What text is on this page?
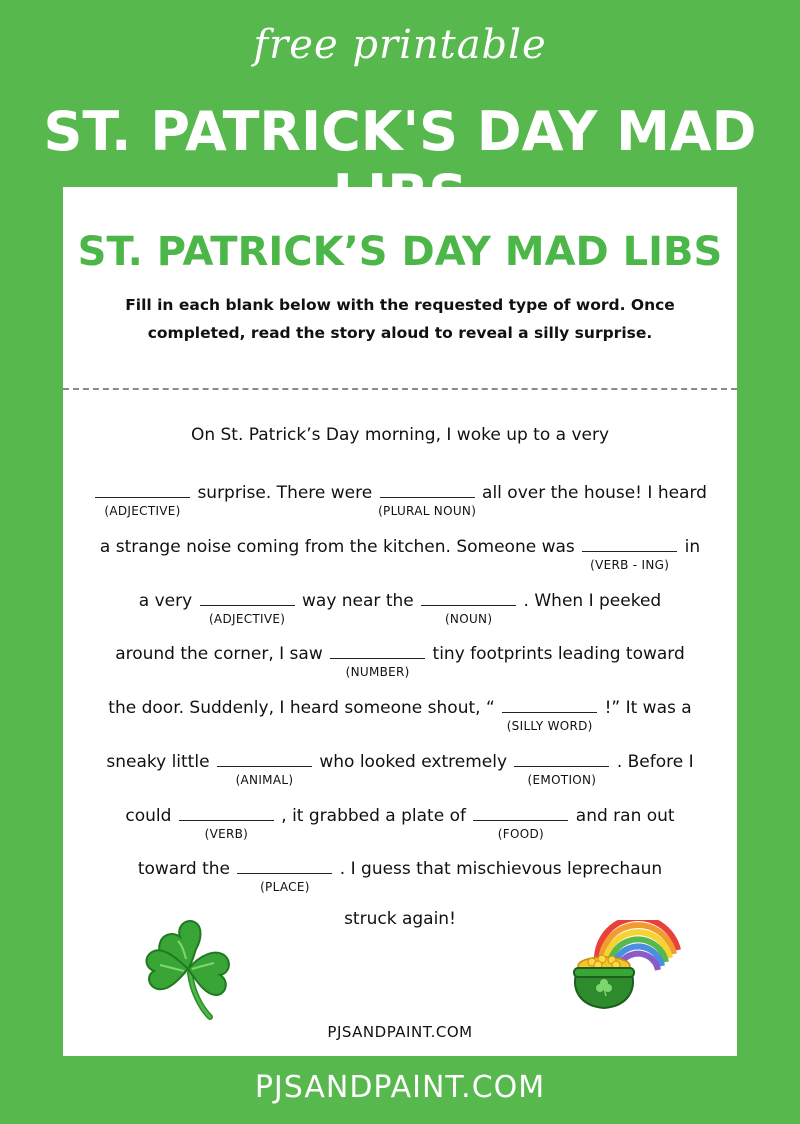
free printable
ST. PATRICK'S DAY MAD
ST. PATRICK’S DAY MAD LIBS
Fill in each blank below with the requested type of word. Once
completed, read the story aloud to reveal a silly surprise.
On St. Patrick’s Day morning, I woke up to a very
(ADJECTIVE)
surprise. There were
(PLURAL NOUN)
all over the house! I heard
a strange noise coming from the kitchen. Someone was
(VERB - ING)
in
a very
(ADJECTIVE)
way near the
(NOUN)
. When I peeked
around the corner, I saw
(NUMBER)
tiny footprints leading toward
the door. Suddenly, I heard someone shout, “
(SILLY WORD)
!” It was a
sneaky little
(ANIMAL)
who looked extremely
(EMOTION)
. Before I
could
(VERB)
, it grabbed a plate of
(FOOD)
and ran out
toward the
(PLACE)
. I guess that mischievous leprechaun
struck again!
PJSANDPAINT.COM
PJSANDPAINT.COM
